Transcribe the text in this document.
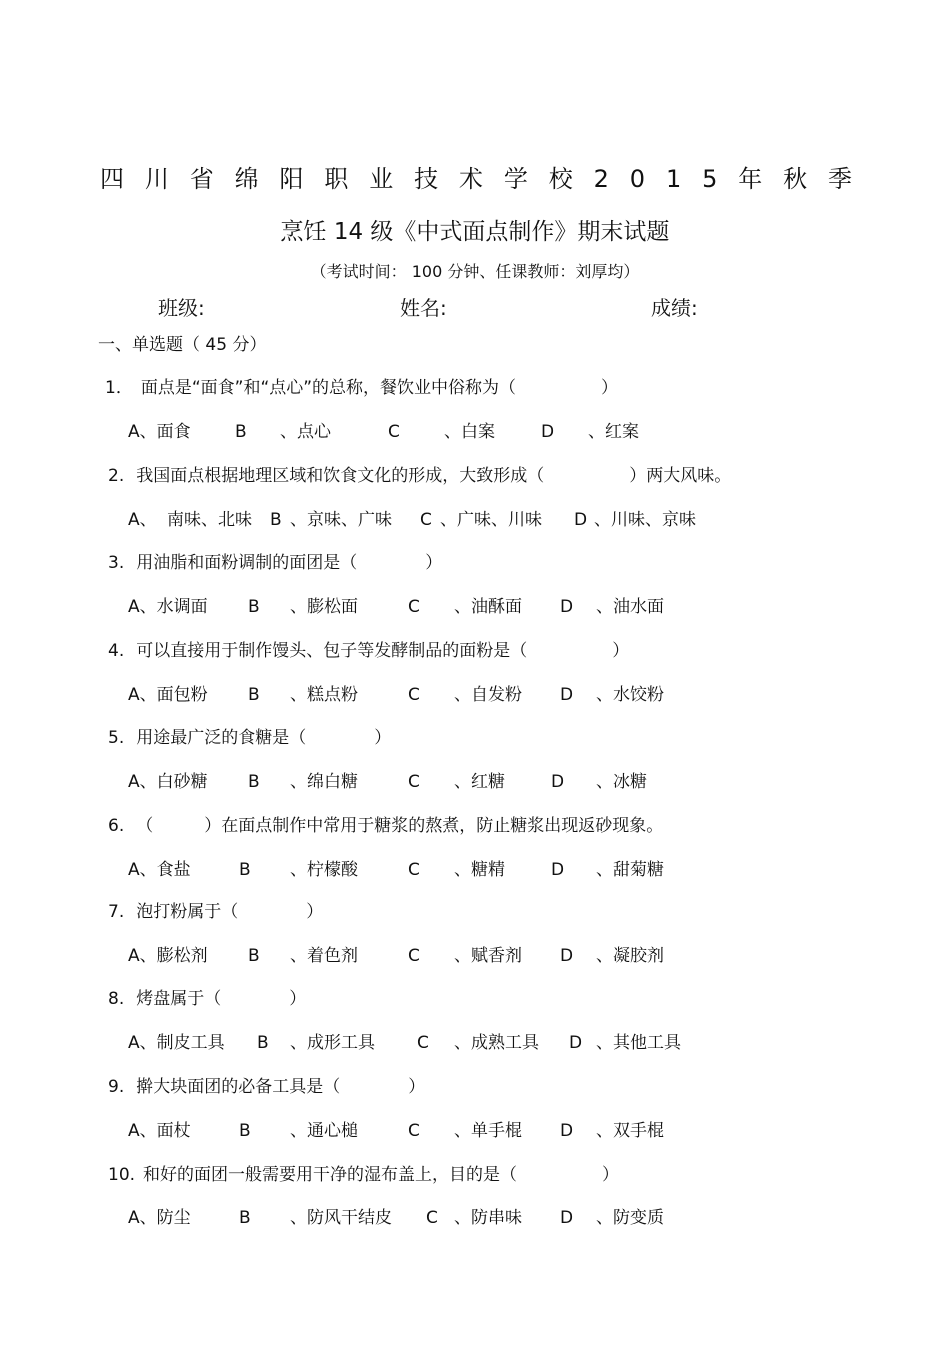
四 川 省 绵 阳 职 业 技 术 学 校 2 0 1 5 年 秋 季
烹饪 14 级《中式面点制作》期末试题
（考试时间： 100 分钟、任课教师：刘厚均）
班级:	姓名:	成绩:
一、单选题（ 45 分）
1． 面点是“面食”和“点心”的总称，餐饮业中俗称为（　　　　　）
A、面食	B 、点心	C	、白案	D 、红案
2. 我国面点根据地理区域和饮食文化的形成，大致形成（　　　　　）两大风味。
A、 南味、北味 B 、京味、广味 C 、广味、川味 D 、川味、京味
3. 用油脂和面粉调制的面团是（　　　　）
A、水调面 B 、膨松面	C 、油酥面 D 、油水面
4. 可以直接用于制作馒头、包子等发酵制品的面粉是（　　　　　）
A、面包粉 B 、糕点粉	C 、自发粉 D 、水饺粉
5. 用途最广泛的食糖是（　　　　）
A、白砂糖 B 、绵白糖	C 、红糖	D 、冰糖
6. （　　　）在面点制作中常用于糖浆的熬煮，防止糖浆出现返砂现象。
A、食盐	B 、柠檬酸	C 、糖精	D 、甜菊糖
7. 泡打粉属于（　　　　）
A、膨松剂 B 、着色剂	C 、赋香剂 D 、凝胶剂
8. 烤盘属于（　　　　）
A、制皮工具 B 、成形工具 C 、成熟工具 D 、其他工具
9. 擀大块面团的必备工具是（　　　　）
A、面杖	B 、通心槌	C 、单手棍 D 、双手棍
10. 和好的面团一般需要用干净的湿布盖上，目的是（　　　　　）
A、防尘	B 、防风干结皮 C 、防串味 D 、防变质
